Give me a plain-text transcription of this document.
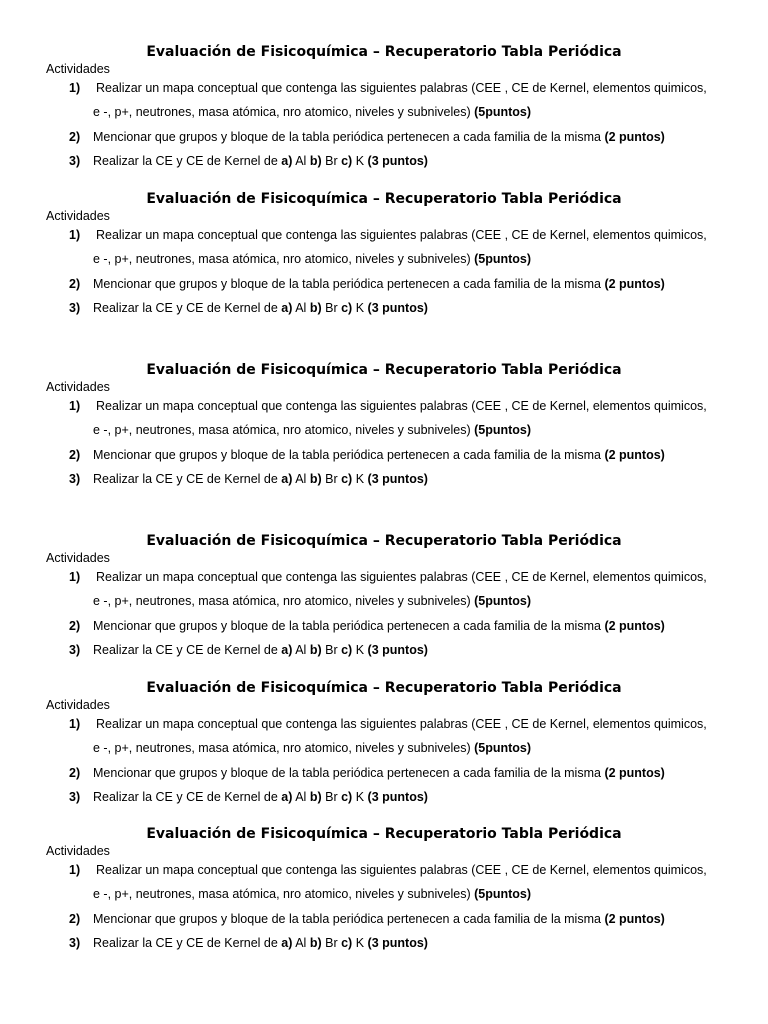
Evaluación de Fisicoquímica – Recuperatorio Tabla Periódica
Actividades
1)	Realizar un mapa conceptual que contenga las siguientes palabras (CEE , CE de Kernel, elementos quimicos,
e -, p+, neutrones, masa atómica, nro atomico, niveles y subniveles) (5puntos)
2)	Mencionar que grupos y bloque de la tabla periódica pertenecen a cada familia de la misma (2 puntos)
3)	Realizar la CE y CE de Kernel de a) Al b) Br c) K (3 puntos)
Evaluación de Fisicoquímica – Recuperatorio Tabla Periódica
Actividades
1)	Realizar un mapa conceptual que contenga las siguientes palabras (CEE , CE de Kernel, elementos quimicos,
e -, p+, neutrones, masa atómica, nro atomico, niveles y subniveles) (5puntos)
2)	Mencionar que grupos y bloque de la tabla periódica pertenecen a cada familia de la misma (2 puntos)
3)	Realizar la CE y CE de Kernel de a) Al b) Br c) K (3 puntos)
Evaluación de Fisicoquímica – Recuperatorio Tabla Periódica
Actividades
1)	Realizar un mapa conceptual que contenga las siguientes palabras (CEE , CE de Kernel, elementos quimicos,
e -, p+, neutrones, masa atómica, nro atomico, niveles y subniveles) (5puntos)
2)	Mencionar que grupos y bloque de la tabla periódica pertenecen a cada familia de la misma (2 puntos)
3)	Realizar la CE y CE de Kernel de a) Al b) Br c) K (3 puntos)
Evaluación de Fisicoquímica – Recuperatorio Tabla Periódica
Actividades
1)	Realizar un mapa conceptual que contenga las siguientes palabras (CEE , CE de Kernel, elementos quimicos,
e -, p+, neutrones, masa atómica, nro atomico, niveles y subniveles) (5puntos)
2)	Mencionar que grupos y bloque de la tabla periódica pertenecen a cada familia de la misma (2 puntos)
3)	Realizar la CE y CE de Kernel de a) Al b) Br c) K (3 puntos)
Evaluación de Fisicoquímica – Recuperatorio Tabla Periódica
Actividades
1)	Realizar un mapa conceptual que contenga las siguientes palabras (CEE , CE de Kernel, elementos quimicos,
e -, p+, neutrones, masa atómica, nro atomico, niveles y subniveles) (5puntos)
2)	Mencionar que grupos y bloque de la tabla periódica pertenecen a cada familia de la misma (2 puntos)
3)	Realizar la CE y CE de Kernel de a) Al b) Br c) K (3 puntos)
Evaluación de Fisicoquímica – Recuperatorio Tabla Periódica
Actividades
1)	Realizar un mapa conceptual que contenga las siguientes palabras (CEE , CE de Kernel, elementos quimicos,
e -, p+, neutrones, masa atómica, nro atomico, niveles y subniveles) (5puntos)
2)	Mencionar que grupos y bloque de la tabla periódica pertenecen a cada familia de la misma (2 puntos)
3)	Realizar la CE y CE de Kernel de a) Al b) Br c) K (3 puntos)
